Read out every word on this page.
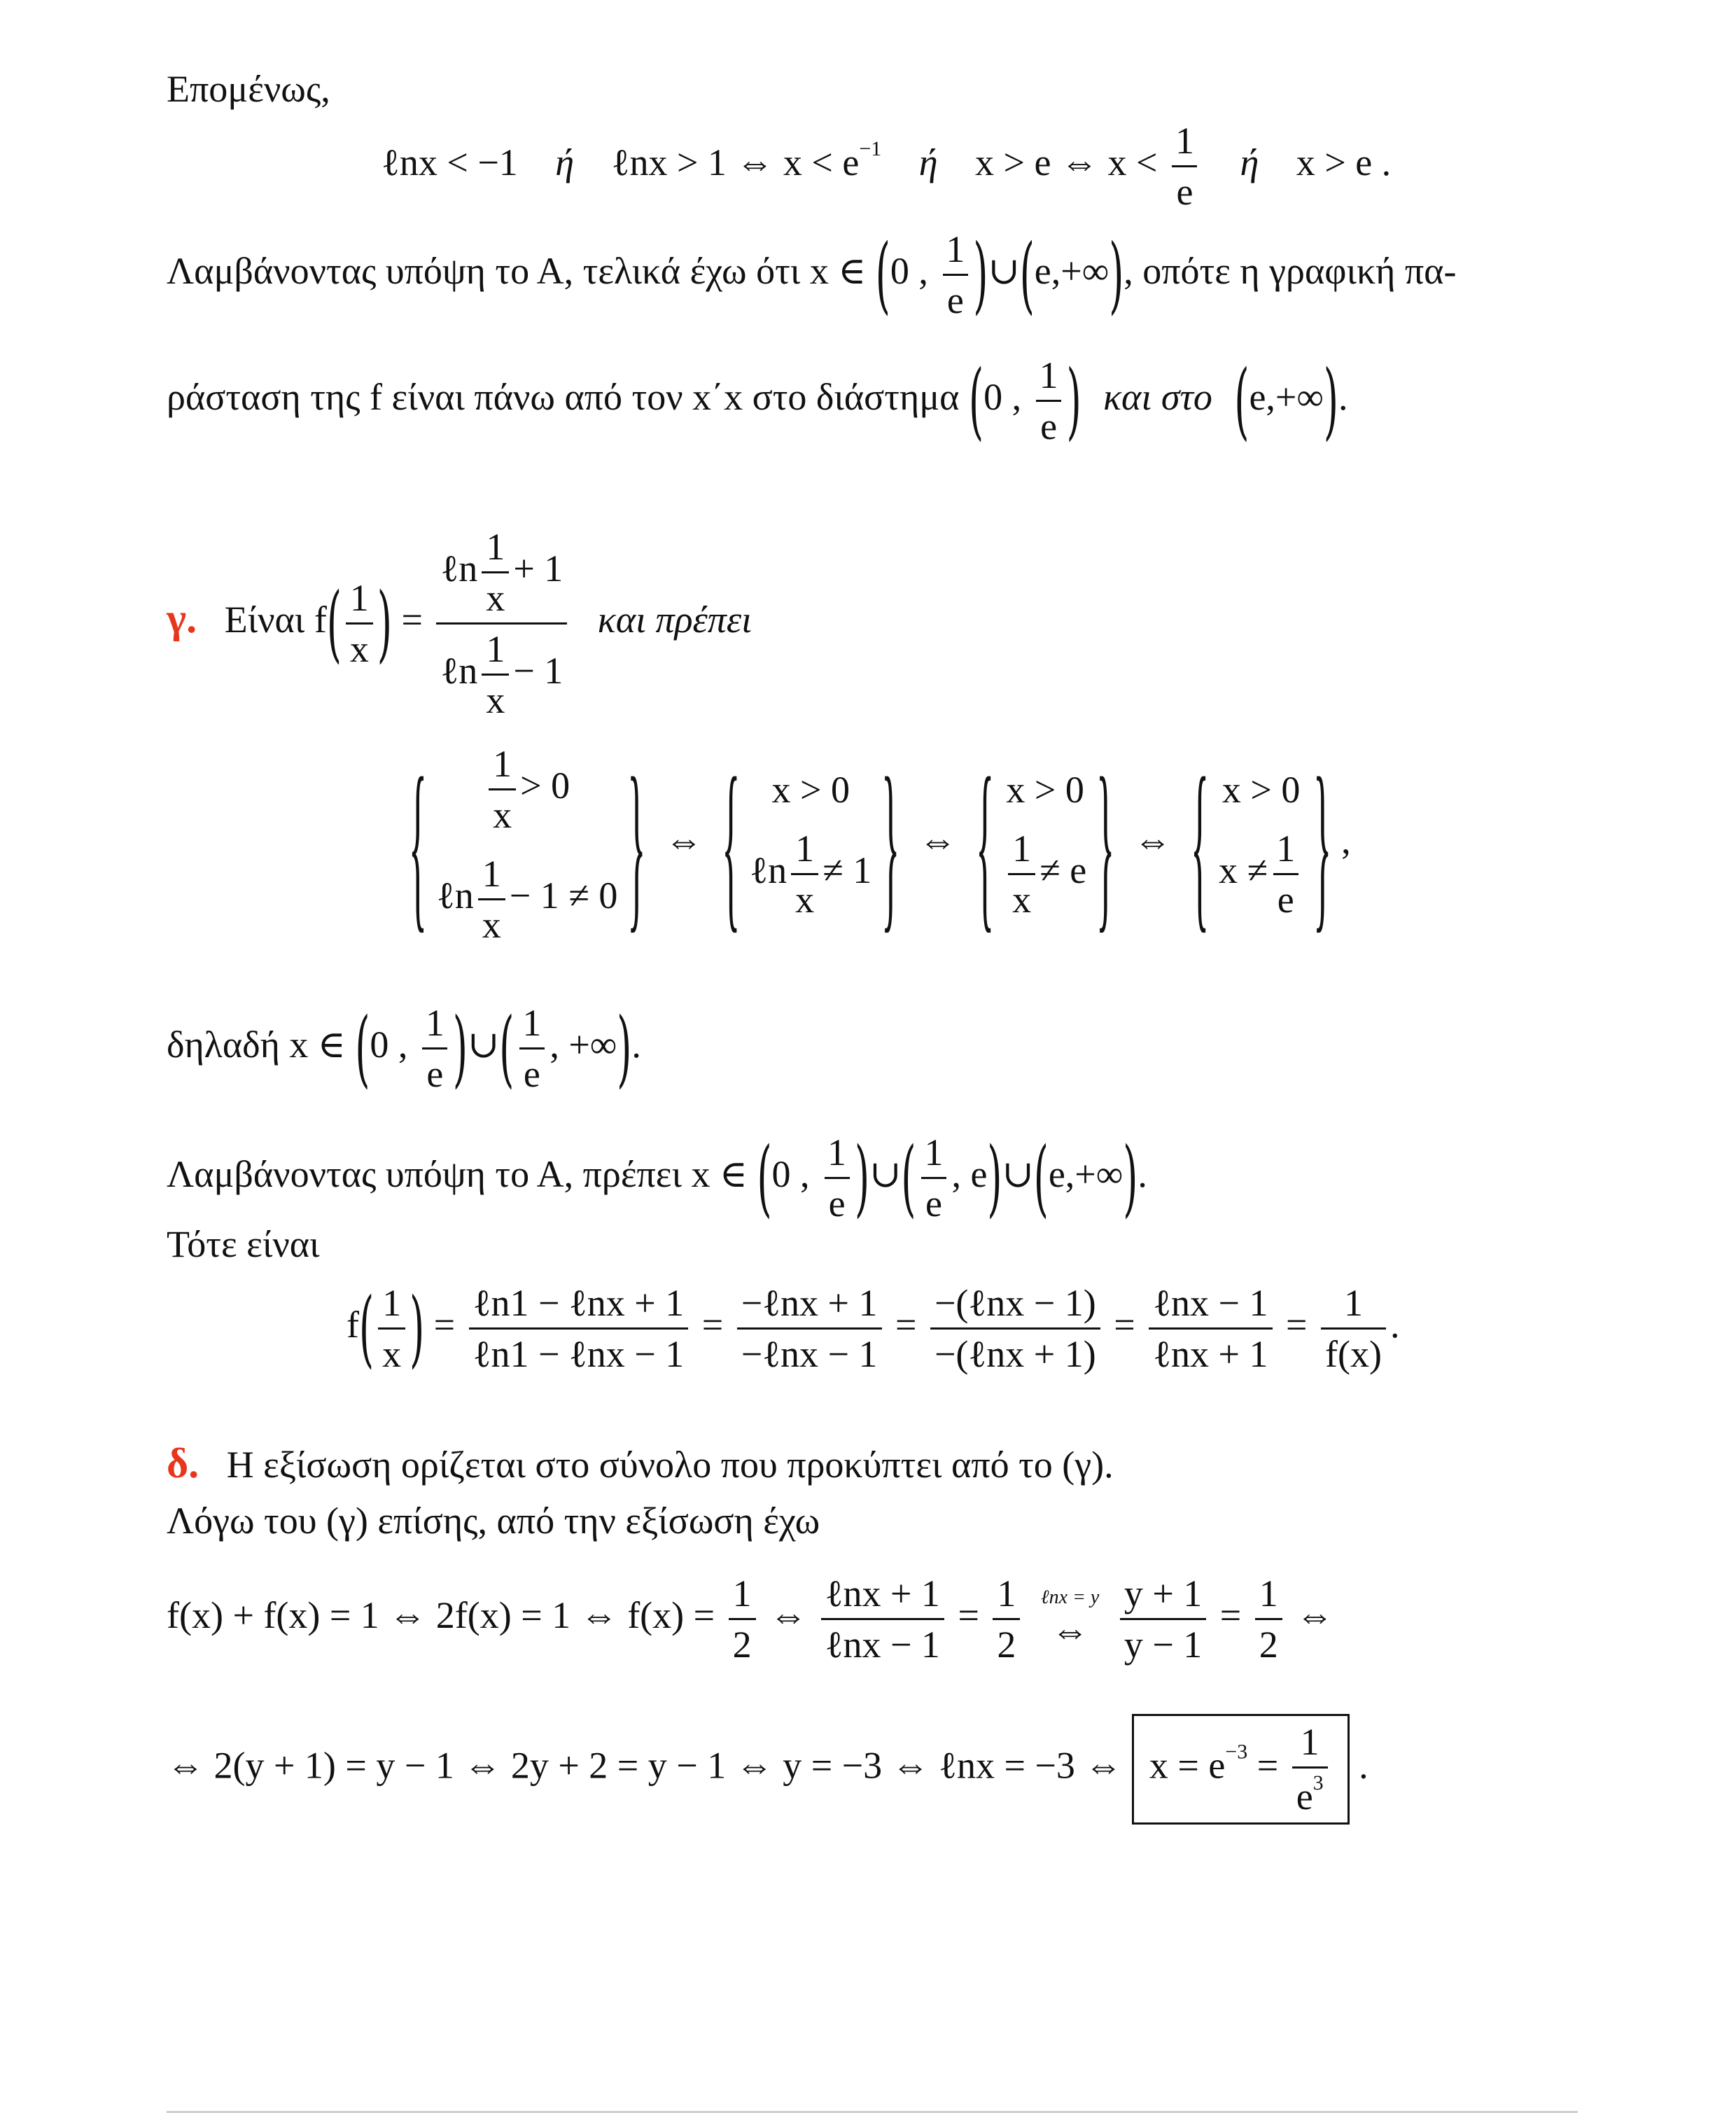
Επομένως,
ℓnx < −1 ή ℓnx > 1 ⇔ $x < e^{-1}$ ή x > e ⇔ $x < \frac{1}{e}$ ή x > e .
Λαμβάνοντας υπόψη το Α, τελικά έχω ότι x ∈ (0 , $\frac{1}{e}$ )∪(e,+∞), οπότε η γραφική πα-
ράσταση της f είναι πάνω από τον x΄x στο διάστημα (0 , $\frac{1}{e}$ ) και στο (e,+∞).
γ. Είναι $f( \frac{1}{x}$ ) = $\frac{\ell n \frac{1}{x} + 1}{\ell n \frac{1}{x} - 1}$ και πρέπει
{ $\frac{1}{x} > 0$
ℓn $\frac{1}{x} - 1 \ne 0$ } ⇔ { x > 0
ℓn $\frac{1}{x} \ne 1$ } ⇔ { x > 0
$\frac{1}{x} \ne e$ } ⇔ { x > 0
$x \ne \frac{1}{e}$ } ,
δηλαδή x ∈ (0 , $\frac{1}{e}$ )∪( $\frac{1}{e}$ , +∞).
Λαμβάνοντας υπόψη το Α, πρέπει x ∈ (0 , $\frac{1}{e}$ )∪( $\frac{1}{e}$ , e)∪(e,+∞).
Τότε είναι
$f( \frac{1}{x}$ ) = $\frac{\text{ℓn1 − ℓnx + 1}}{\text{ℓn1 − ℓnx − 1}} = \frac{\text{−ℓnx + 1}}{\text{−ℓnx − 1}} = \frac{\text{−(ℓnx − 1)}}{\text{−(ℓnx + 1)}} = \frac{\text{ℓnx − 1}}{\text{ℓnx + 1}} = \frac{1}{f(x)}$ .
δ. Η εξίσωση ορίζεται στο σύνολο που προκύπτει από το (γ).
Λόγω του (γ) επίσης, από την εξίσωση έχω
f(x) + f(x) = 1 ⇔ 2f(x) = 1 ⇔ $f(x) = \frac{1}{2}$ ⇔ $\frac{\text{ℓnx + 1}}{\text{ℓnx − 1}} = \frac{1}{2}$
ℓnx = y
⇔
$\frac{y + 1}{y - 1} = \frac{1}{2}$ ⇔
⇔ 2(y + 1) = y − 1 ⇔ 2y + 2 = y − 1 ⇔ y = −3 ⇔ ℓnx = −3 ⇔ $x = e^{-3} = \frac{1}{e^3}$ .
